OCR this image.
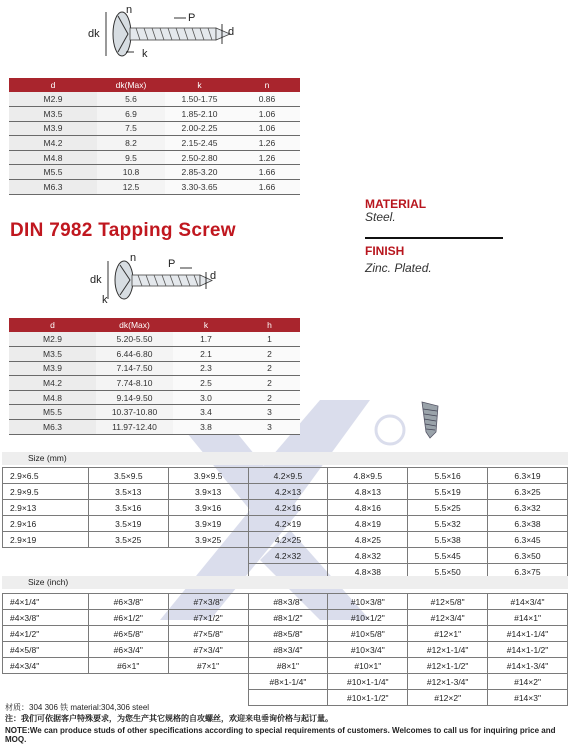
dk
n
P
d
k
d	dk(Max)	k	n
M2.9	5.6	1.50-1.75	0.86
M3.5	6.9	1.85-2.10	1.06
M3.9	7.5	2.00-2.25	1.06
M4.2	8.2	2.15-2.45	1.26
M4.8	9.5	2.50-2.80	1.26
M5.5	10.8	2.85-3.20	1.66
M6.3	12.5	3.30-3.65	1.66
DIN 7982 Tapping Screw
MATERIAL
Steel.
FINISH
Zinc. Plated.
dk
n	P
d
k
d	dk(Max)	k	h
M2.9	5.20-5.50	1.7	1
M3.5	6.44-6.80	2.1	2
M3.9	7.14-7.50	2.3	2
M4.2	7.74-8.10	2.5	2
M4.8	9.14-9.50	3.0	2
M5.5	10.37-10.80	3.4	3
M6.3	11.97-12.40	3.8	3
Size (mm)
2.9×6.5	3.5×9.5	3.9×9.5	4.2×9.5	4.8×9.5	5.5×16	6.3×19
2.9×9.5	3.5×13	3.9×13	4.2×13	4.8×13	5.5×19	6.3×25
2.9×13	3.5×16	3.9×16	4.2×16	4.8×16	5.5×25	6.3×32
2.9×16	3.5×19	3.9×19	4.2×19	4.8×19	5.5×32	6.3×38
2.9×19	3.5×25	3.9×25	4.2×25	4.8×25	5.5×38	6.3×45
			4.2×32	4.8×32	5.5×45	6.3×50
				4.8×38	5.5×50	6.3×75
Size (inch)
#4×1/4"	#6×3/8"	#7×3/8"	#8×3/8"	#10×3/8"	#12×5/8"	#14×3/4"
#4×3/8"	#6×1/2"	#7×1/2"	#8×1/2"	#10×1/2"	#12×3/4"	#14×1"
#4×1/2"	#6×5/8"	#7×5/8"	#8×5/8"	#10×5/8"	#12×1"	#14×1-1/4"
#4×5/8"	#6×3/4"	#7×3/4"	#8×3/4"	#10×3/4"	#12×1-1/4"	#14×1-1/2"
#4×3/4"	#6×1"	#7×1"	#8×1"	#10×1"	#12×1-1/2"	#14×1-3/4"
			#8×1-1/4"	#10×1-1/4"	#12×1-3/4"	#14×2"
				#10×1-1/2"	#12×2"	#14×3"
材质：304 306 铁 material:304,306 steel
注：我们可依据客户特殊要求，为您生产其它规格的自攻螺丝，欢迎来电垂询价格与起订量。
NOTE:We can produce studs of other specifications according to special requirements of customers. Welcomes to call us for inquiring price and MOQ.
